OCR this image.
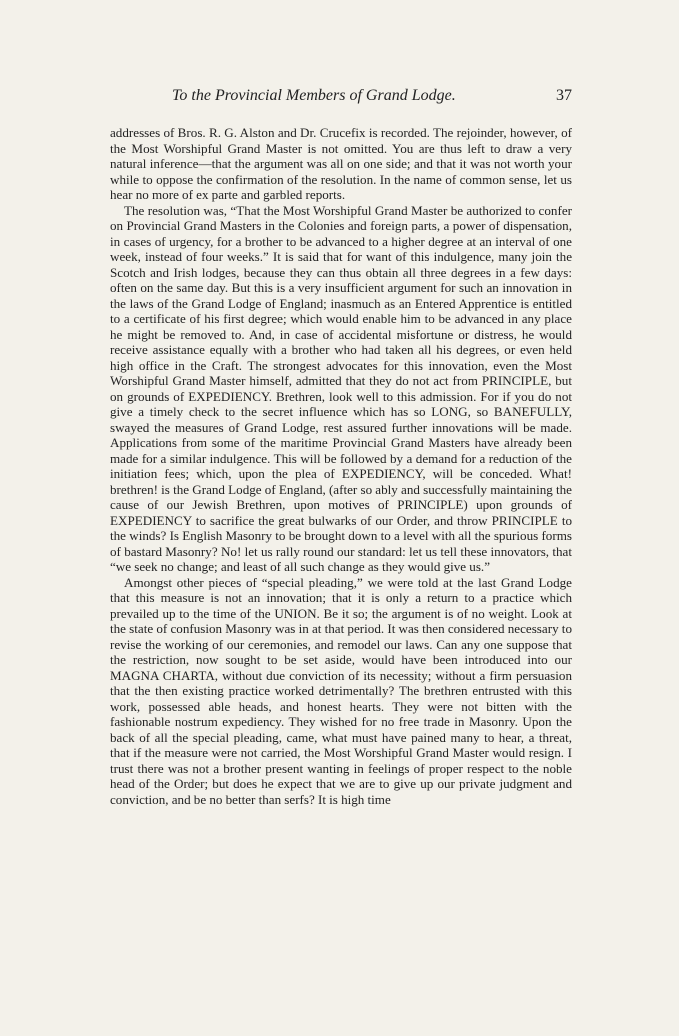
To the Provincial Members of Grand Lodge.	37

addresses of Bros. R. G. Alston and Dr. Crucefix is recorded. The rejoinder, however, of the Most Worshipful Grand Master is not omitted. You are thus left to draw a very natural inference—that the argument was all on one side; and that it was not worth your while to oppose the confirmation of the resolution. In the name of common sense, let us hear no more of ex parte and garbled reports.

The resolution was, “That the Most Worshipful Grand Master be authorized to confer on Provincial Grand Masters in the Colonies and foreign parts, a power of dispensation, in cases of urgency, for a brother to be advanced to a higher degree at an interval of one week, instead of four weeks.” It is said that for want of this indulgence, many join the Scotch and Irish lodges, because they can thus obtain all three degrees in a few days: often on the same day. But this is a very insufficient argument for such an innovation in the laws of the Grand Lodge of England; inasmuch as an Entered Apprentice is entitled to a certificate of his first degree; which would enable him to be advanced in any place he might be removed to. And, in case of accidental misfortune or distress, he would receive assistance equally with a brother who had taken all his degrees, or even held high office in the Craft. The strongest advocates for this innovation, even the Most Worshipful Grand Master himself, admitted that they do not act from PRINCIPLE, but on grounds of EXPEDIENCY. Brethren, look well to this admission. For if you do not give a timely check to the secret influence which has so LONG, so BANEFULLY, swayed the measures of Grand Lodge, rest assured further innovations will be made. Applications from some of the maritime Provincial Grand Masters have already been made for a similar indulgence. This will be followed by a demand for a reduction of the initiation fees; which, upon the plea of EXPEDIENCY, will be conceded. What! brethren! is the Grand Lodge of England, (after so ably and successfully maintaining the cause of our Jewish Brethren, upon motives of PRINCIPLE) upon grounds of EXPEDIENCY to sacrifice the great bulwarks of our Order, and throw PRINCIPLE to the winds? Is English Masonry to be brought down to a level with all the spurious forms of bastard Masonry? No! let us rally round our standard: let us tell these innovators, that “we seek no change; and least of all such change as they would give us.”

Amongst other pieces of “special pleading,” we were told at the last Grand Lodge that this measure is not an innovation; that it is only a return to a practice which prevailed up to the time of the UNION. Be it so; the argument is of no weight. Look at the state of confusion Masonry was in at that period. It was then considered necessary to revise the working of our ceremonies, and remodel our laws. Can any one suppose that the restriction, now sought to be set aside, would have been introduced into our MAGNA CHARTA, without due conviction of its necessity; without a firm persuasion that the then existing practice worked detrimentally? The brethren entrusted with this work, possessed able heads, and honest hearts. They were not bitten with the fashionable nostrum expediency. They wished for no free trade in Masonry. Upon the back of all the special pleading, came, what must have pained many to hear, a threat, that if the measure were not carried, the Most Worshipful Grand Master would resign. I trust there was not a brother present wanting in feelings of proper respect to the noble head of the Order; but does he expect that we are to give up our private judgment and conviction, and be no better than serfs? It is high time
